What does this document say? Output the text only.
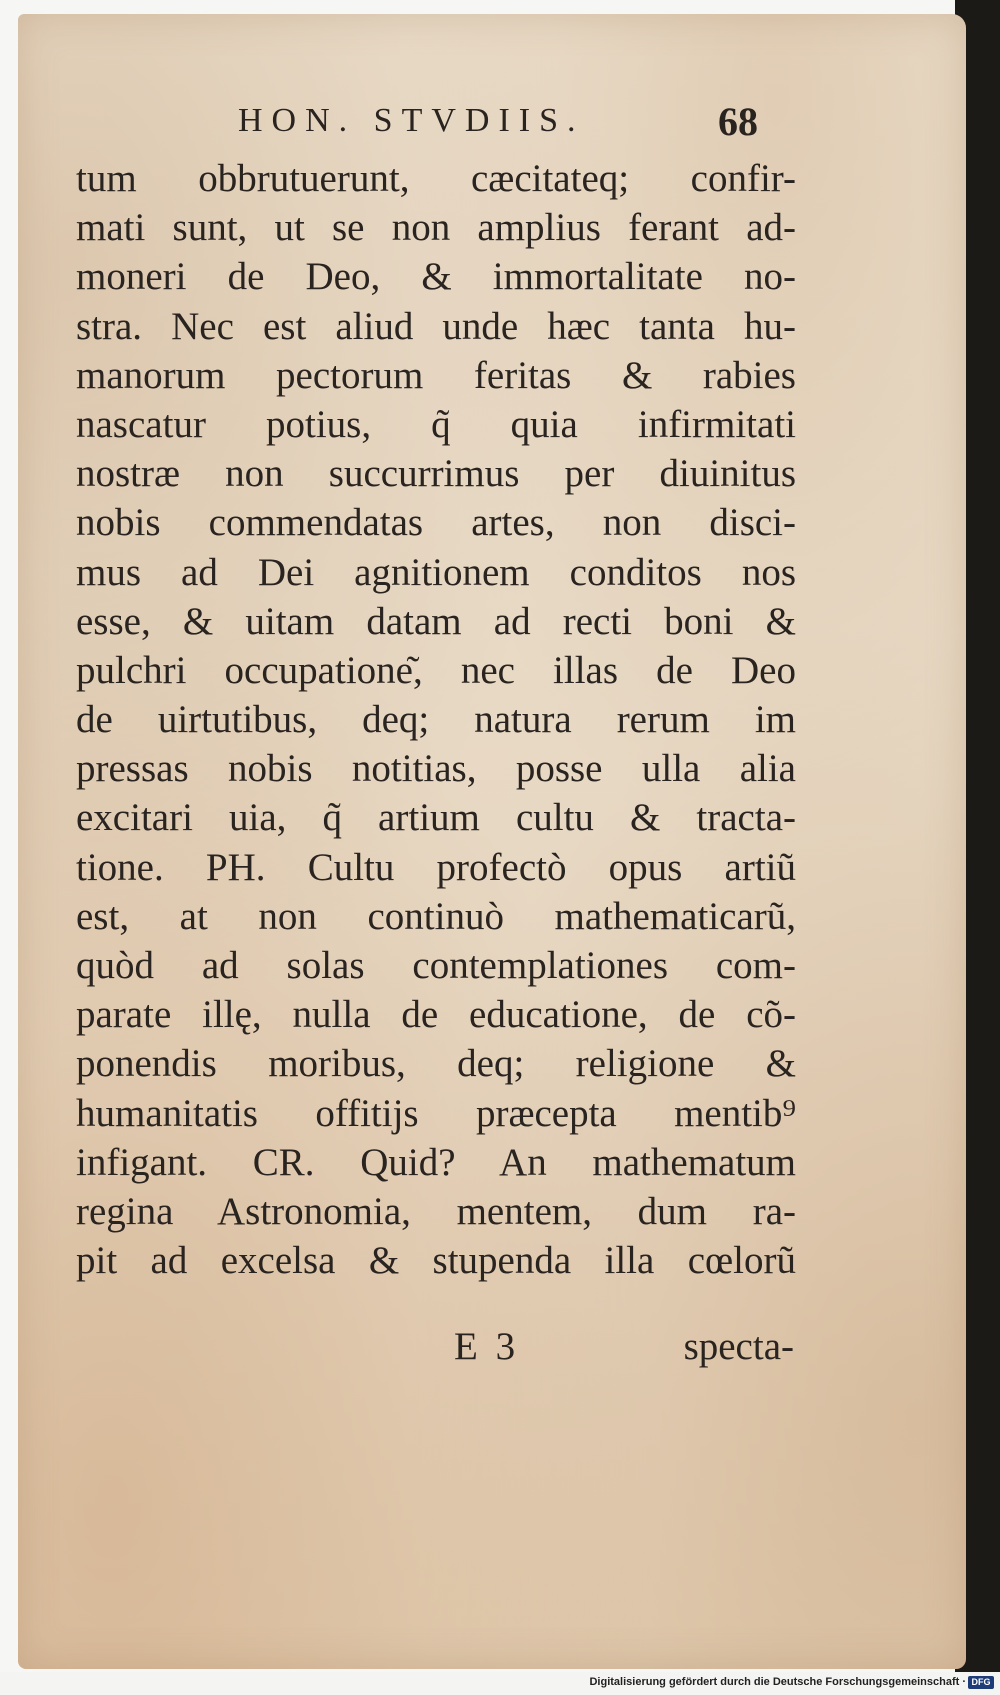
HON. STVDIIS.	68
tum obbrutuerunt, cæcitateq; confir-
mati sunt, ut se non amplius ferant ad-
moneri de Deo, & immortalitate no-
stra. Nec est aliud unde hæc tanta hu-
manorum pectorum feritas & rabies
nascatur potius, q̃ quia infirmitati
nostræ non succurrimus per diuinitus
nobis commendatas artes, non disci-
mus ad Dei agnitionem conditos nos
esse, & uitam datam ad recti boni &
pulchri occupatione͂, nec illas de Deo
de uirtutibus, deq; natura rerum im
pressas nobis notitias, posse ulla alia
excitari uia, q̃ artium cultu & tracta-
tione. PH. Cultu profectò opus artiũ
est, at non continuò mathematicarũ,
quòd ad solas contemplationes com-
parate illę, nulla de educatione, de cõ-
ponendis moribus, deq; religione &
humanitatis offitijs præcepta mentib⁹
infigant. CR. Quid? An mathematum
regina Astronomia, mentem, dum ra-
pit ad excelsa & stupenda illa cœlorũ
E 3	specta-
Digitalisierung gefördert durch die Deutsche Forschungsgemeinschaft · DFG
